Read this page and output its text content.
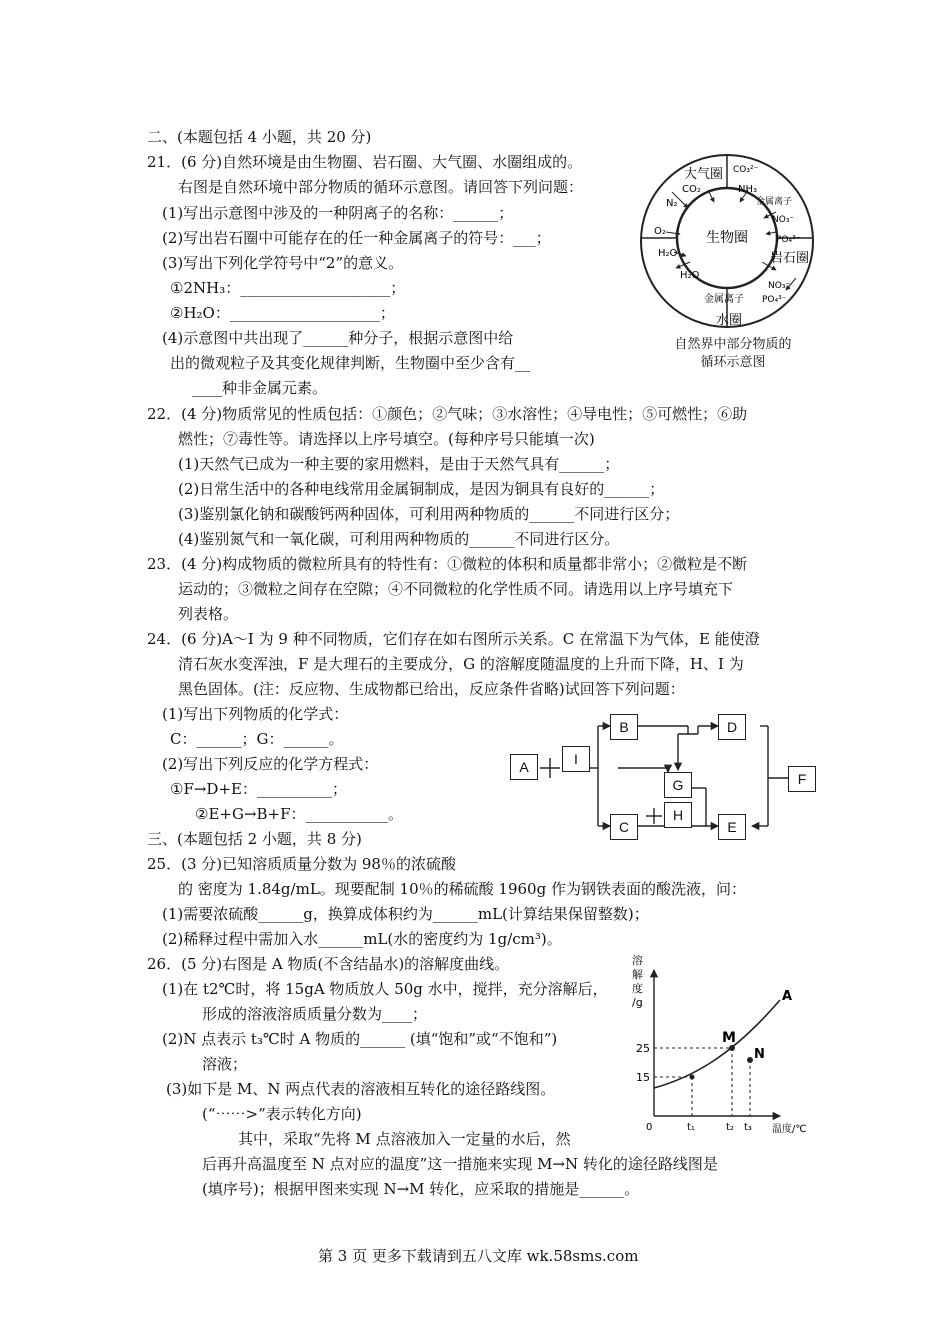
二、(本题包括 4 小题，共 20 分)
21．(6 分)自然环境是由生物圈、岩石圈、大气圈、水圈组成的。
右图是自然环境中部分物质的循环示意图。请回答下列问题：
(1)写出示意图中涉及的一种阴离子的名称：______；
(2)写出岩石圈中可能存在的任一种金属离子的符号：___；
(3)写出下列化学符号中“2”的意义。
①2NH₃：____________________；
②H₂O：____________________；
(4)示意图中共出现了______种分子，根据示意图中给
出的微观粒子及其变化规律判断，生物圈中至少含有__
____种非金属元素。
22．(4 分)物质常见的性质包括：①颜色；②气味；③水溶性；④导电性；⑤可燃性；⑥助
燃性；⑦毒性等。请选择以上序号填空。(每种序号只能填一次)
(1)天然气已成为一种主要的家用燃料，是由于天然气具有______；
(2)日常生活中的各种电线常用金属铜制成，是因为铜具有良好的______；
(3)鉴别氯化钠和碳酸钙两种固体，可利用两种物质的______不同进行区分；
(4)鉴别氮气和一氧化碳，可利用两种物质的______不同进行区分。
23．(4 分)构成物质的微粒所具有的特性有：①微粒的体积和质量都非常小；②微粒是不断
运动的；③微粒之间存在空隙；④不同微粒的化学性质不同。请选用以上序号填充下
列表格。
24．(6 分)A～I 为 9 种不同物质，它们存在如右图所示关系。C 在常温下为气体，E 能使澄
清石灰水变浑浊，F 是大理石的主要成分，G 的溶解度随温度的上升而下降，H、I 为
黑色固体。(注：反应物、生成物都已给出，反应条件省略)试回答下列问题：
(1)写出下列物质的化学式：
C：______；G：______。
(2)写出下列反应的化学方程式：
①F→D+E：__________；
②E+G→B+F：___________。
三、(本题包括 2 小题，共 8 分)
25．(3 分)已知溶质质量分数为 98％的浓硫酸
的 密度为 1.84g/mL。现要配制 10％的稀硫酸 1960g 作为钢铁表面的酸洗液，问：
(1)需要浓硫酸______g，换算成体积约为______mL(计算结果保留整数)；
(2)稀释过程中需加入水______mL(水的密度约为 1g/cm³)。
26．(5 分)右图是 A 物质(不含结晶水)的溶解度曲线。
(1)在 t2℃时，将 15gA 物质放人 50g 水中，搅拌，充分溶解后，
形成的溶液溶质质量分数为____；
(2)N 点表示 t₃℃时 A 物质的______ (填“饱和”或“不饱和”)
溶液；
(3)如下是 M、N 两点代表的溶液相互转化的途径路线图。
(“⋯⋯>”表示转化方向)
其中，采取“先将 M 点溶液加入一定量的水后，然
后再升高温度至 N 点对应的温度”这一措施来实现 M→N 转化的途径路线图是
(填序号)；根据甲图来实现 N→M 转化，应采取的措施是______。
第 3 页 更多下载请到五八文库 wk.58sms.com
大气圈
生物圈
岩石圈
水圈
CO₃²⁻
CO₂	NH₃
N₂	金属离子
NO₃⁻
O₂
PO₄³⁻
H₂O
H₂O
NO₃⁻
PO₄³⁻
金属离子
自然界中部分物质的
循环示意图
A	I
B	D
G	F
C
H
E
溶
解
度
/g
25
15
0	t₁	t₂ t₃ 温度/℃
A
M
N
